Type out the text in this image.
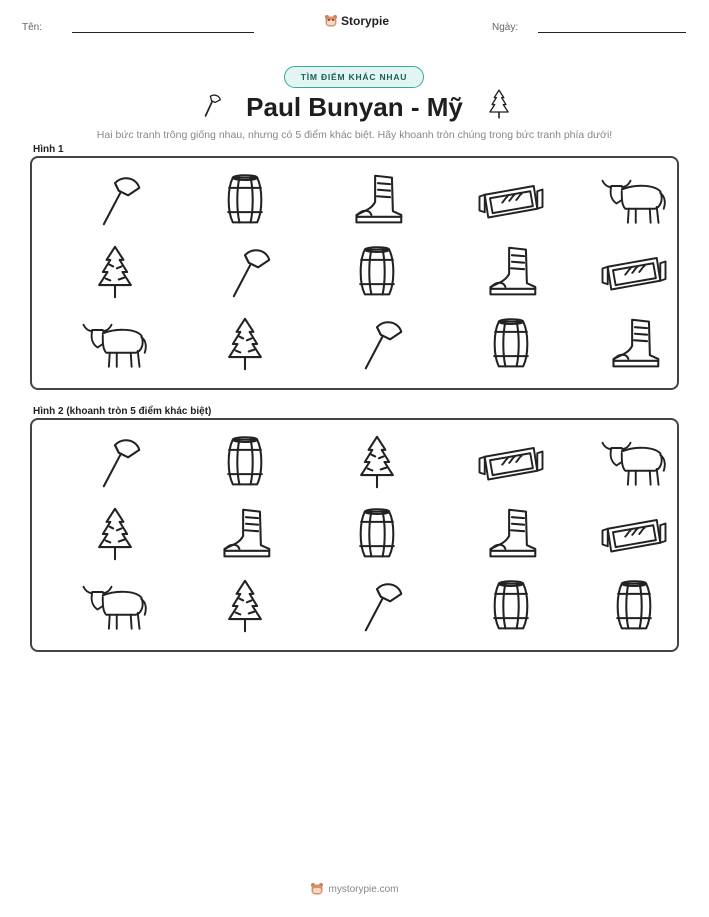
Tên:	Storypie	Ngày:
TÌM ĐIỂM KHÁC NHAU
Paul Bunyan - Mỹ
Hai bức tranh trông giống nhau, nhưng có 5 điểm khác biệt. Hãy khoanh tròn chúng trong bức tranh phía dưới!
Hình 1
Hình 2 (khoanh tròn 5 điểm khác biệt)
mystorypie.com
